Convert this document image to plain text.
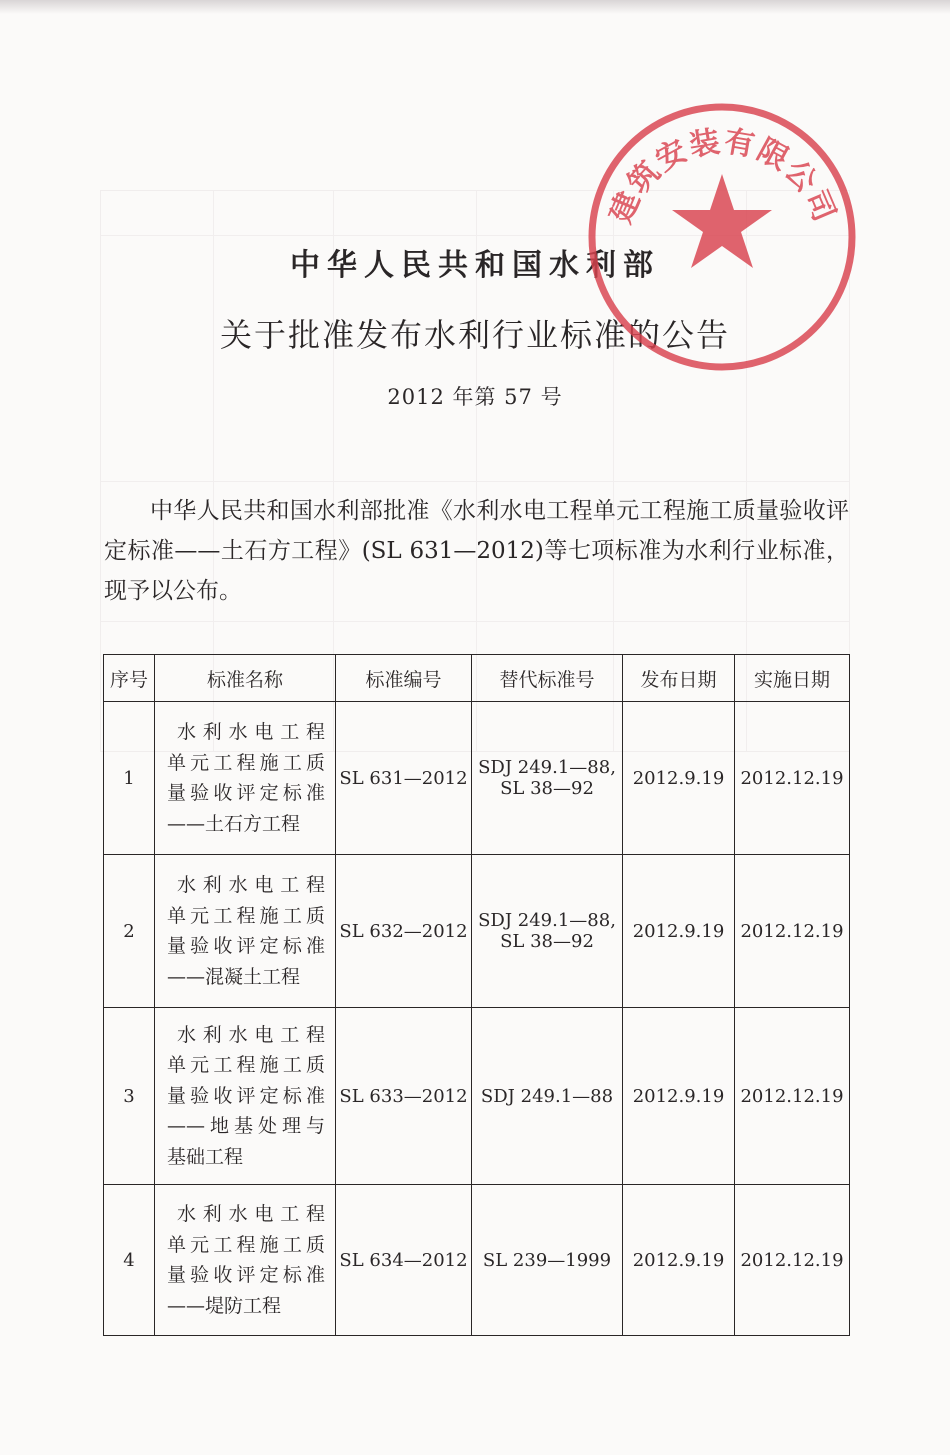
中华人民共和国水利部
关于批准发布水利行业标准的公告
2012 年第 57 号
中华人民共和国水利部批准《水利水电工程单元工程施工质量验收评定标准——土石方工程》(SL 631—2012)等七项标准为水利行业标准，现予以公布。
序号	标准名称	标准编号	替代标准号	发布日期	实施日期
1	水利水电工程
单元工程施工质
量验收评定标准
——土石方工程	SL 631—2012	SDJ 249.1—88,
SL 38—92	2012.9.19	2012.12.19
2	水利水电工程
单元工程施工质
量验收评定标准
——混凝土工程	SL 632—2012	SDJ 249.1—88,
SL 38—92	2012.9.19	2012.12.19
3	水利水电工程
单元工程施工质
量验收评定标准
——地基处理与
基础工程	SL 633—2012	SDJ 249.1—88	2012.9.19	2012.12.19
4	水利水电工程
单元工程施工质
量验收评定标准
——堤防工程	SL 634—2012	SL 239—1999	2012.9.19	2012.12.19
建筑安装有限公司
